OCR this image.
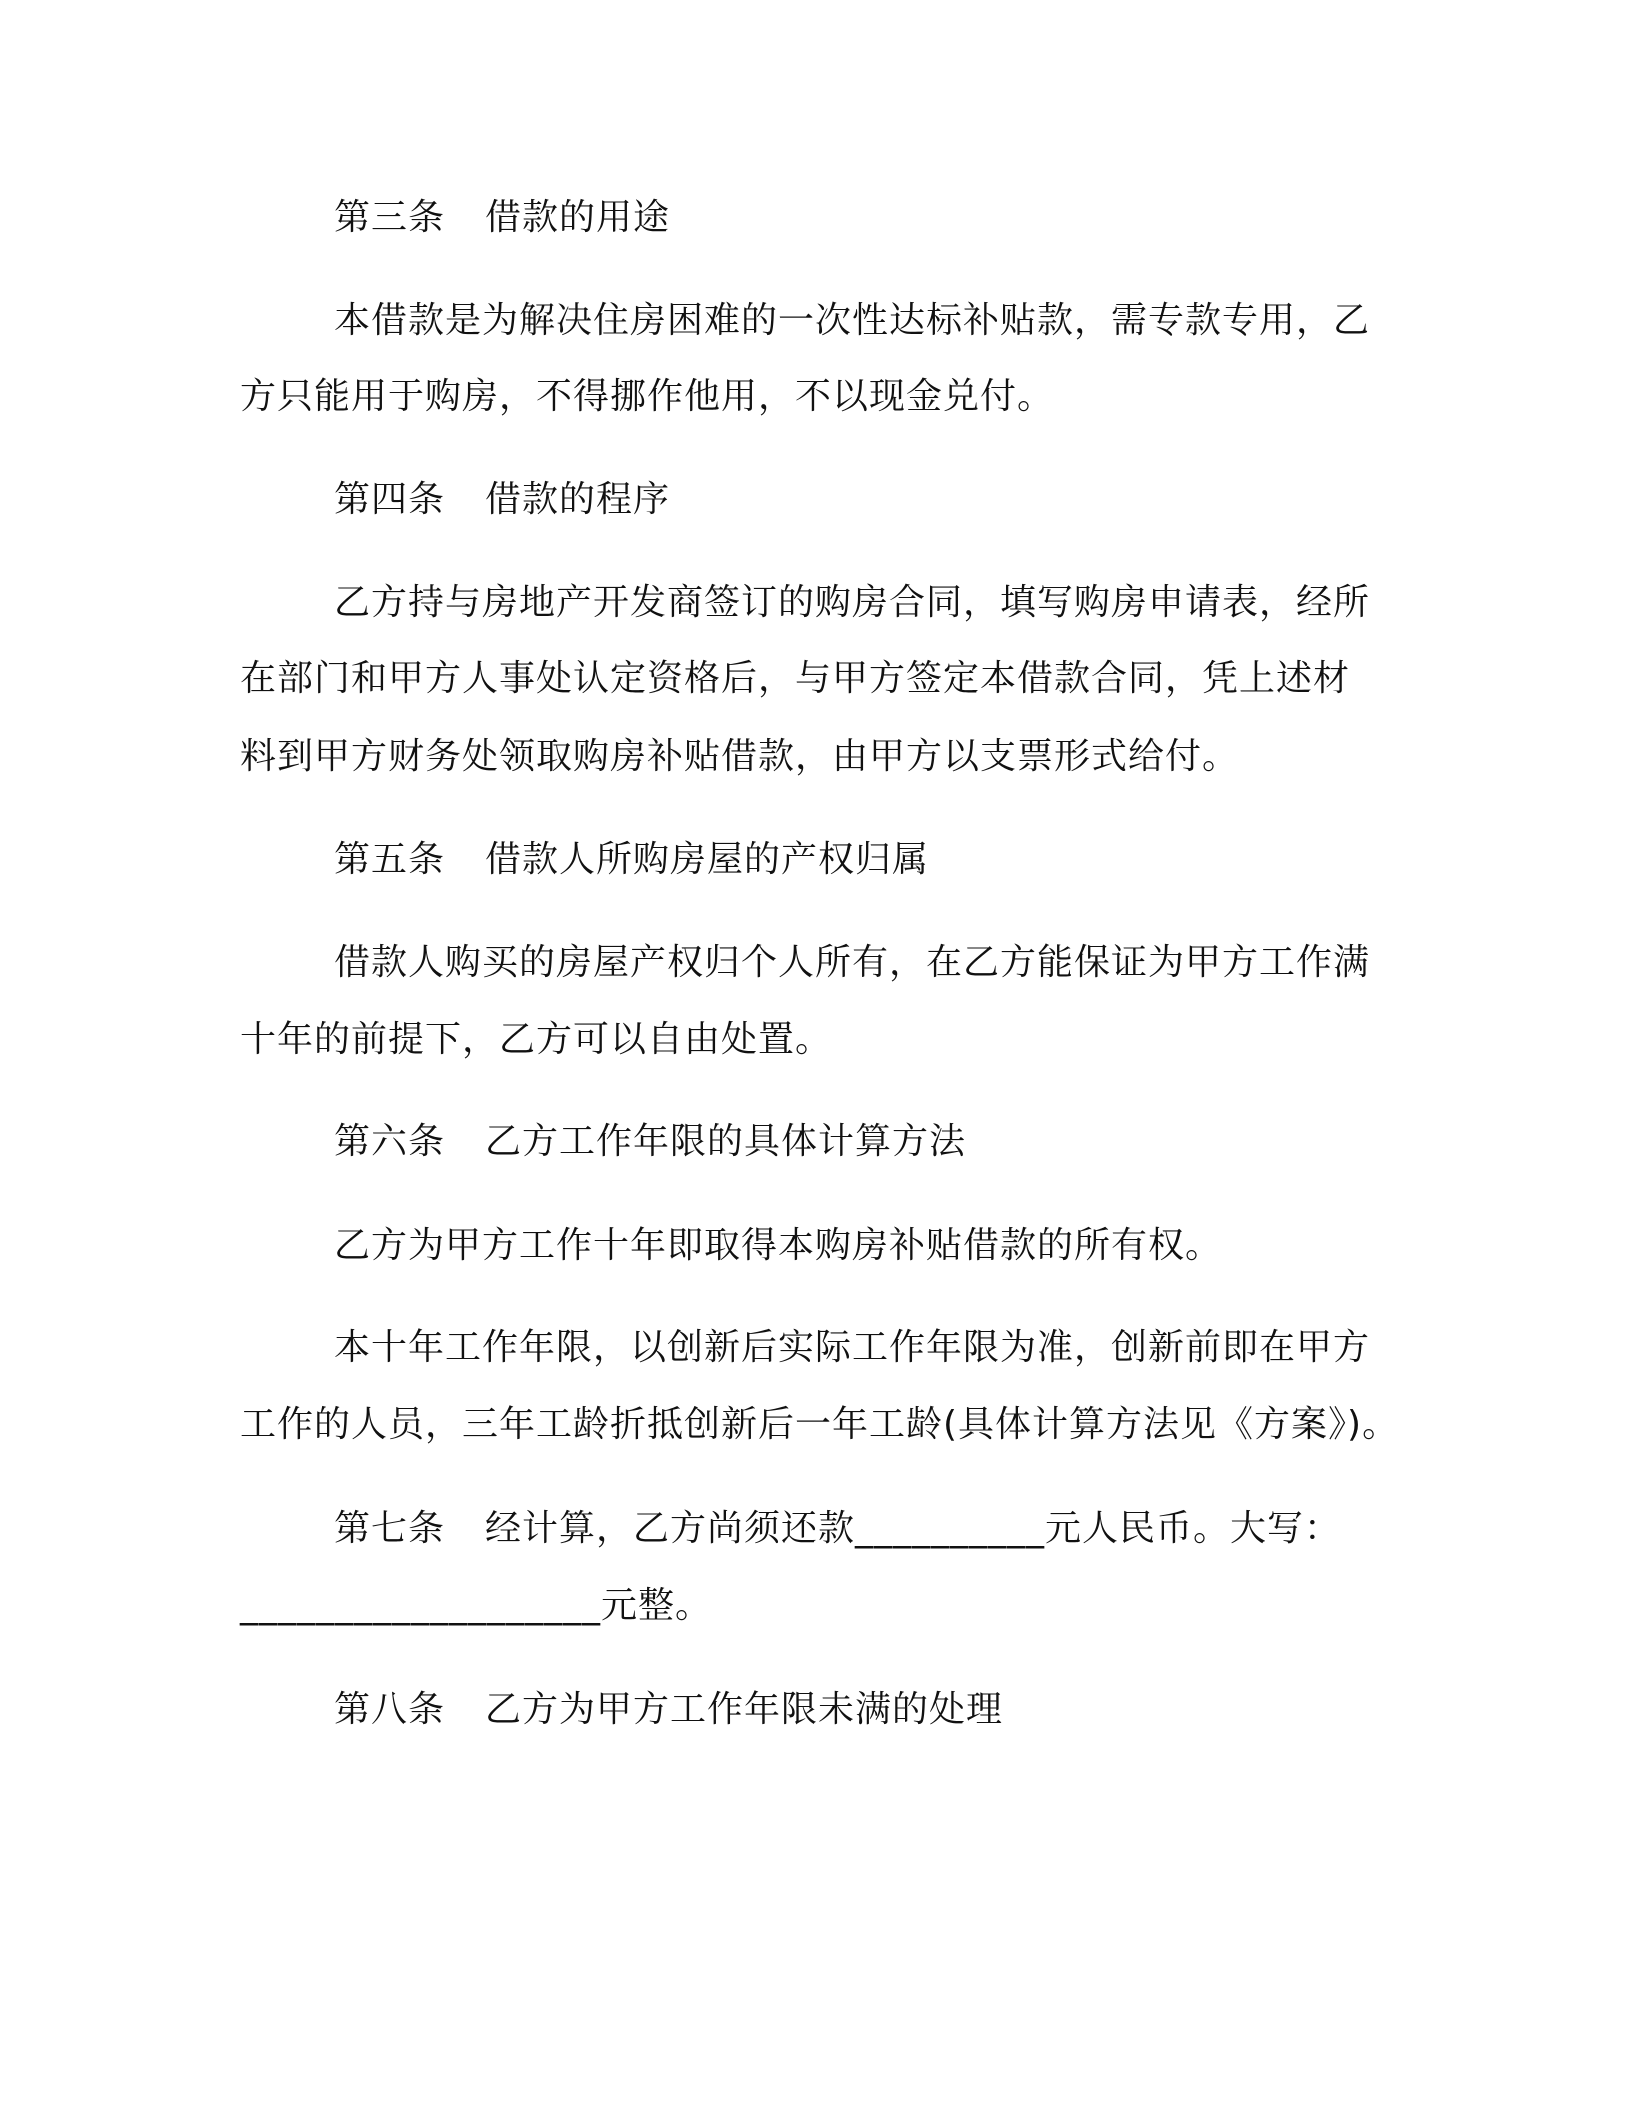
第三条 借款的用途
本借款是为解决住房困难的一次性达标补贴款，需专款专用，乙
方只能用于购房，不得挪作他用，不以现金兑付。
第四条 借款的程序
乙方持与房地产开发商签订的购房合同，填写购房申请表，经所
在部门和甲方人事处认定资格后，与甲方签定本借款合同，凭上述材
料到甲方财务处领取购房补贴借款，由甲方以支票形式给付。
第五条 借款人所购房屋的产权归属
借款人购买的房屋产权归个人所有，在乙方能保证为甲方工作满
十年的前提下，乙方可以自由处置。
第六条 乙方工作年限的具体计算方法
乙方为甲方工作十年即取得本购房补贴借款的所有权。
本十年工作年限，以创新后实际工作年限为准，创新前即在甲方
工作的人员，三年工龄折抵创新后一年工龄(具体计算方法见《方案》)。
第七条 经计算，乙方尚须还款__________元人民币。大写：
___________________元整。
第八条 乙方为甲方工作年限未满的处理
